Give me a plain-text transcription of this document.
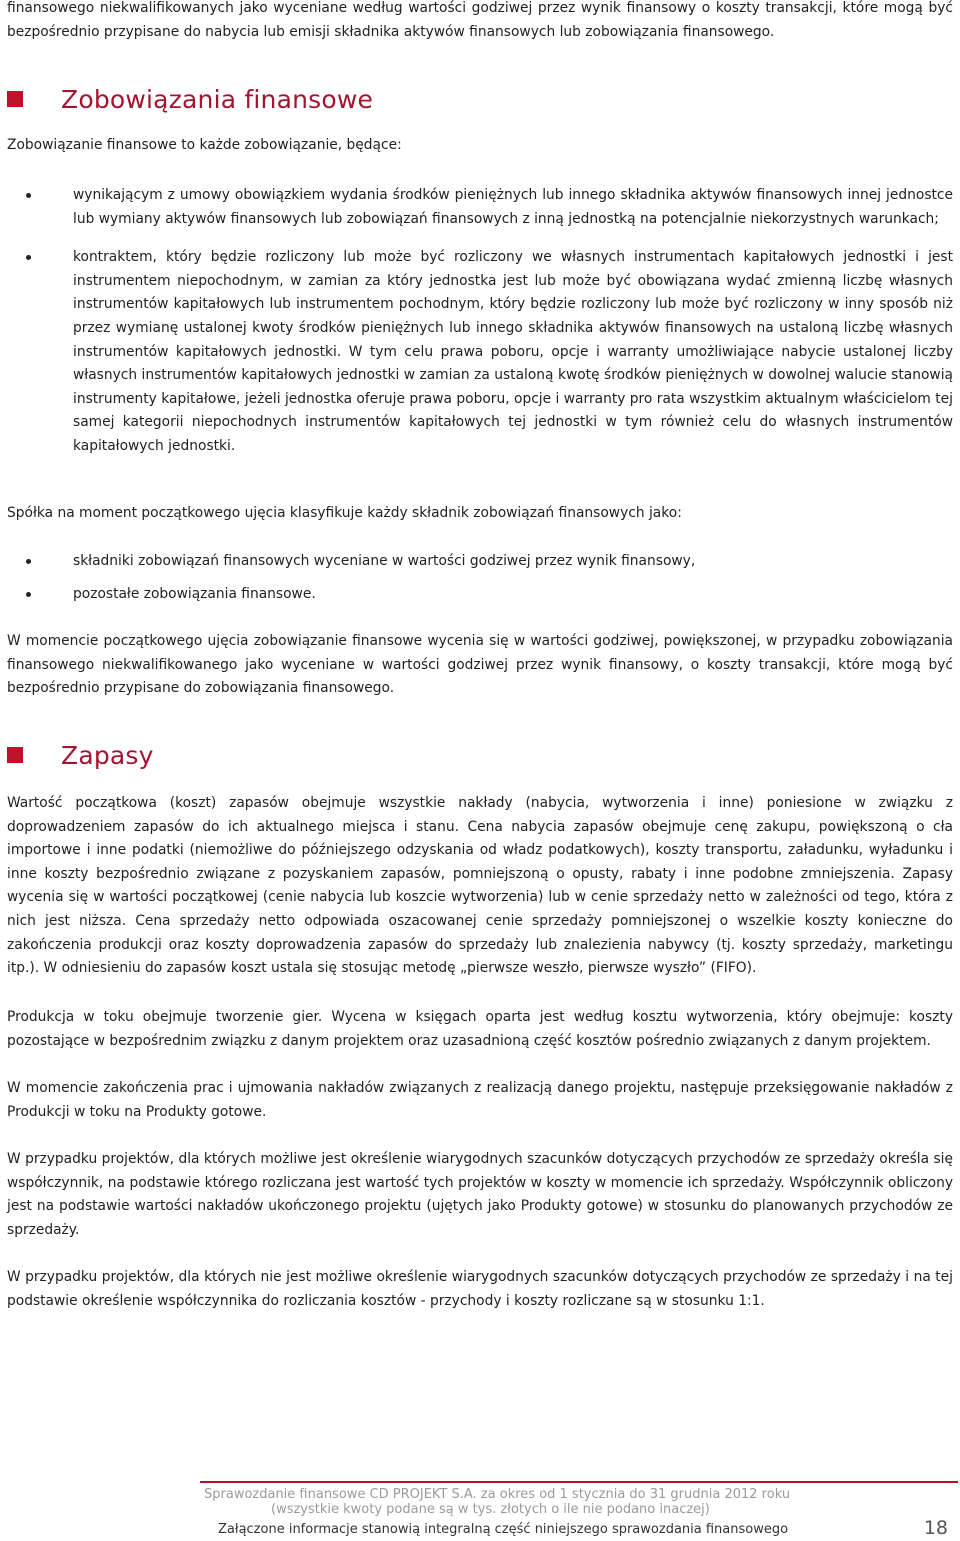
finansowego niekwalifikowanych jako wyceniane według wartości godziwej przez wynik finansowy o koszty transakcji, które mogą być bezpośrednio przypisane do nabycia lub emisji składnika aktywów finansowych lub zobowiązania finansowego.

Zobowiązania finansowe

Zobowiązanie finansowe to każde zobowiązanie, będące:

wynikającym z umowy obowiązkiem wydania środków pieniężnych lub innego składnika aktywów finansowych innej jednostce lub wymiany aktywów finansowych lub zobowiązań finansowych z inną jednostką na potencjalnie niekorzystnych warunkach;
kontraktem, który będzie rozliczony lub może być rozliczony we własnych instrumentach kapitałowych jednostki i jest instrumentem niepochodnym, w zamian za który jednostka jest lub może być obowiązana wydać zmienną liczbę własnych instrumentów kapitałowych lub instrumentem pochodnym, który będzie rozliczony lub może być rozliczony w inny sposób niż przez wymianę ustalonej kwoty środków pieniężnych lub innego składnika aktywów finansowych na ustaloną liczbę własnych instrumentów kapitałowych jednostki. W tym celu prawa poboru, opcje i warranty umożliwiające nabycie ustalonej liczby własnych instrumentów kapitałowych jednostki w zamian za ustaloną kwotę środków pieniężnych w dowolnej walucie stanowią instrumenty kapitałowe, jeżeli jednostka oferuje prawa poboru, opcje i warranty pro rata wszystkim aktualnym właścicielom tej samej kategorii niepochodnych instrumentów kapitałowych tej jednostki w tym również celu do własnych instrumentów kapitałowych jednostki.

Spółka na moment początkowego ujęcia klasyfikuje każdy składnik zobowiązań finansowych jako:

składniki zobowiązań finansowych wyceniane w wartości godziwej przez wynik finansowy,
pozostałe zobowiązania finansowe.

W momencie początkowego ujęcia zobowiązanie finansowe wycenia się w wartości godziwej, powiększonej, w przypadku zobowiązania finansowego niekwalifikowanego jako wyceniane w wartości godziwej przez wynik finansowy, o koszty transakcji, które mogą być bezpośrednio przypisane do zobowiązania finansowego.

Zapasy

Wartość początkowa (koszt) zapasów obejmuje wszystkie nakłady (nabycia, wytworzenia i inne) poniesione w związku z doprowadzeniem zapasów do ich aktualnego miejsca i stanu. Cena nabycia zapasów obejmuje cenę zakupu, powiększoną o cła importowe i inne podatki (niemożliwe do późniejszego odzyskania od władz podatkowych), koszty transportu, załadunku, wyładunku i inne koszty bezpośrednio związane z pozyskaniem zapasów, pomniejszoną o opusty, rabaty i inne podobne zmniejszenia. Zapasy wycenia się w wartości początkowej (cenie nabycia lub koszcie wytworzenia) lub w cenie sprzedaży netto w zależności od tego, która z nich jest niższa. Cena sprzedaży netto odpowiada oszacowanej cenie sprzedaży pomniejszonej o wszelkie koszty konieczne do zakończenia produkcji oraz koszty doprowadzenia zapasów do sprzedaży lub znalezienia nabywcy (tj. koszty sprzedaży, marketingu itp.). W odniesieniu do zapasów koszt ustala się stosując metodę „pierwsze weszło, pierwsze wyszło” (FIFO).

Produkcja w toku obejmuje tworzenie gier. Wycena w księgach oparta jest według kosztu wytworzenia, który obejmuje: koszty pozostające w bezpośrednim związku z danym projektem oraz uzasadnioną część kosztów pośrednio związanych z danym projektem.

W momencie zakończenia prac i ujmowania nakładów związanych z realizacją danego projektu, następuje przeksięgowanie nakładów z Produkcji w toku na Produkty gotowe.

W przypadku projektów, dla których możliwe jest określenie wiarygodnych szacunków dotyczących przychodów ze sprzedaży określa się współczynnik, na podstawie którego rozliczana jest wartość tych projektów w koszty w momencie ich sprzedaży. Współczynnik obliczony jest na podstawie wartości nakładów ukończonego projektu (ujętych jako Produkty gotowe) w stosunku do planowanych przychodów ze sprzedaży.

W przypadku projektów, dla których nie jest możliwe określenie wiarygodnych szacunków dotyczących przychodów ze sprzedaży i na tej podstawie określenie współczynnika do rozliczania kosztów - przychody i koszty rozliczane są w stosunku 1:1.

Sprawozdanie finansowe CD PROJEKT S.A. za okres od 1 stycznia do 31 grudnia 2012 roku
(wszystkie kwoty podane są w tys. złotych o ile nie podano inaczej)
Załączone informacje stanowią integralną część niniejszego sprawozdania finansowego	18
